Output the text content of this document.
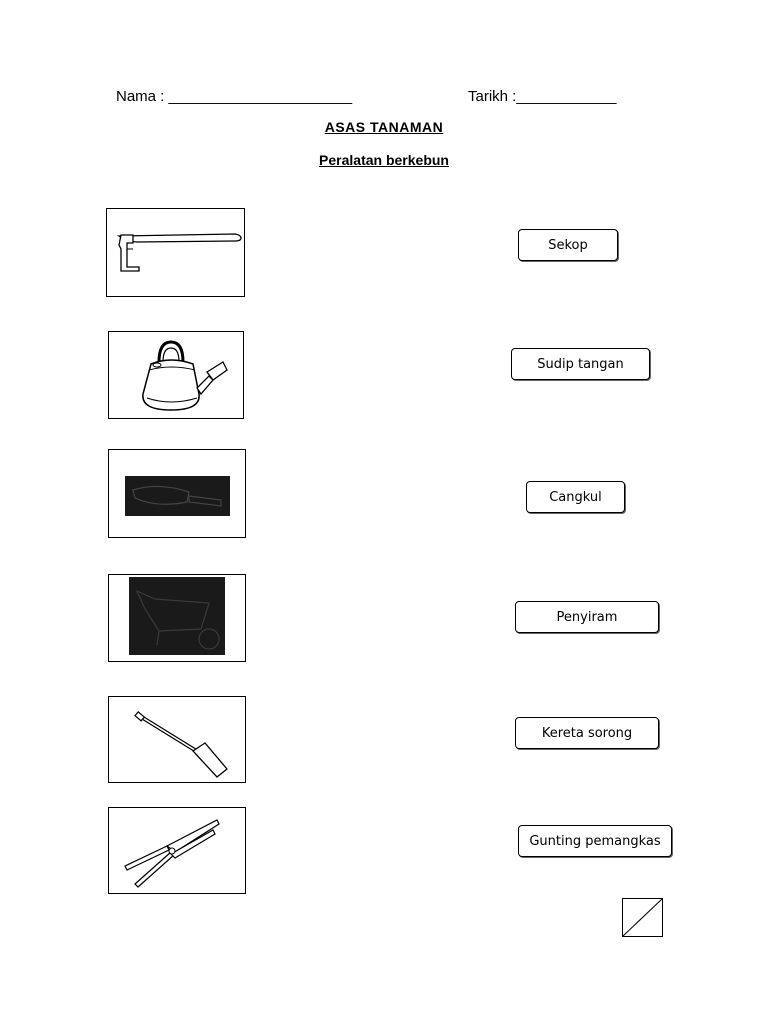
Nama : ______________________	Tarikh :____________
ASAS TANAMAN
Peralatan berkebun
Sekop
Sudip tangan
Cangkul
Penyiram
Kereta sorong
Gunting pemangkas
